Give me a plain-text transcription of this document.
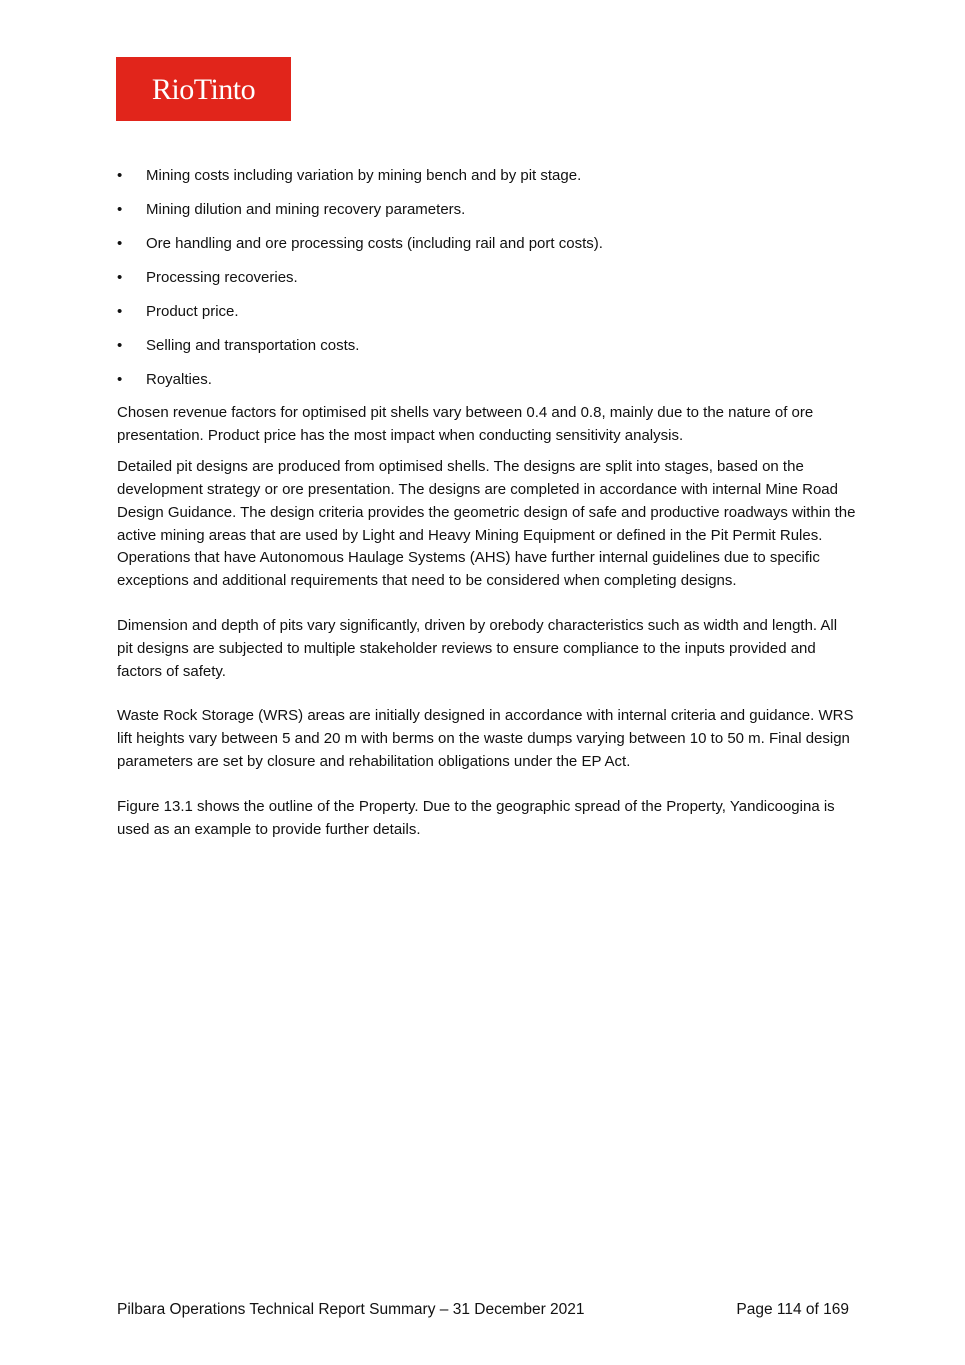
RioTinto
•	Mining costs including variation by mining bench and by pit stage.
•	Mining dilution and mining recovery parameters.
•	Ore handling and ore processing costs (including rail and port costs).
•	Processing recoveries.
•	Product price.
•	Selling and transportation costs.
•	Royalties.

Chosen revenue factors for optimised pit shells vary between 0.4 and 0.8, mainly due to the nature of ore presentation. Product price has the most impact when conducting sensitivity analysis.

Detailed pit designs are produced from optimised shells. The designs are split into stages, based on the development strategy or ore presentation. The designs are completed in accordance with internal Mine Road Design Guidance. The design criteria provides the geometric design of safe and productive roadways within the active mining areas that are used by Light and Heavy Mining Equipment or defined in the Pit Permit Rules. Operations that have Autonomous Haulage Systems (AHS) have further internal guidelines due to specific exceptions and additional requirements that need to be considered when completing designs.

Dimension and depth of pits vary significantly, driven by orebody characteristics such as width and length. All pit designs are subjected to multiple stakeholder reviews to ensure compliance to the inputs provided and factors of safety.

Waste Rock Storage (WRS) areas are initially designed in accordance with internal criteria and guidance. WRS lift heights vary between 5 and 20 m with berms on the waste dumps varying between 10 to 50 m. Final design parameters are set by closure and rehabilitation obligations under the EP Act.

Figure 13.1 shows the outline of the Property. Due to the geographic spread of the Property, Yandicoogina is used as an example to provide further details.

Pilbara Operations Technical Report Summary – 31 December 2021	Page 114 of 169
